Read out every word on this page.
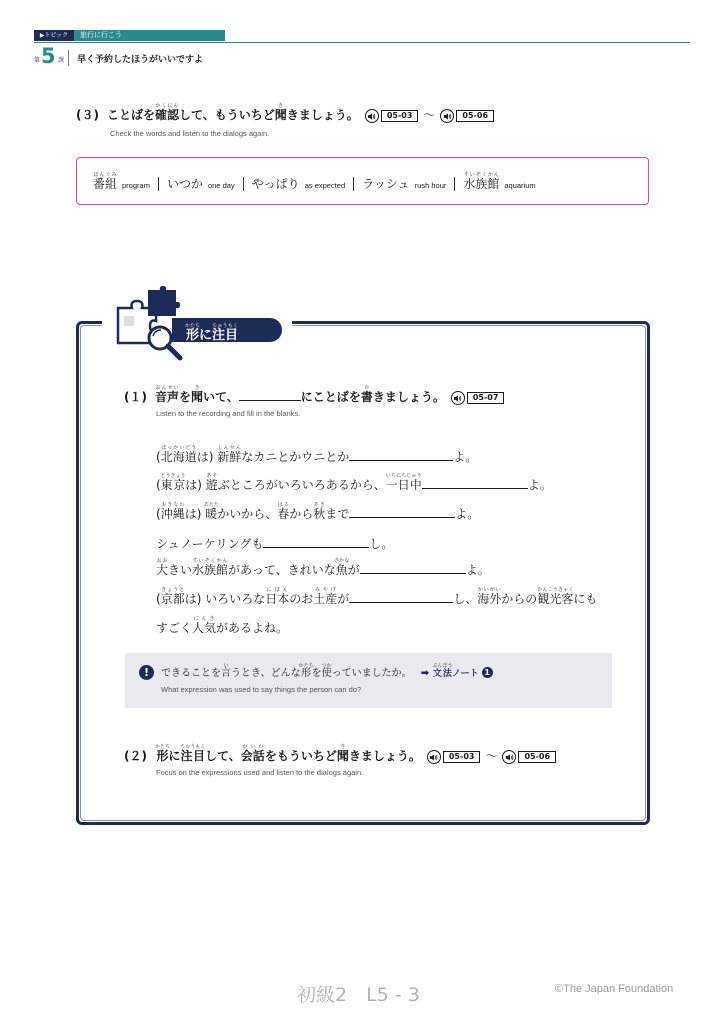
▶トピック	旅行に行こう
第 5 課 早く予約したほうがいいですよ
(３) ことばを確認かくにんして、もういちど聞ききましょう。	05-03 ～	05-06
Check the words and listen to the dialogs again.
番組ばんぐみ
program いつか one day やっぱり as expected ラッシュ rush hour 水族館すいぞくかん
aquarium
形かたちに注目ちゅうもく
(１) 音声おんせいを聞きいて、	にことばを書かきましょう。	05-07
Listen to the recording and fill in the blanks.
(北海道ほっかいどうは) 新鮮しんせんなカニとかウニとか	よ。
(東京とうきょうは) 遊あそぶところがいろいろあるから、一日中いちにちじゅうよ。
(沖縄おきなわは) 暖あたたかいから、春はるから秋あきまで	よ。
シュノーケリングも	し。
大おおきい水族館すいぞくかんがあって、きれいな魚さかなが	よ。
(京都きょうとは) いろいろな日本にほんのお土産みやげが	し、海外かいがいからの観光客かんこうきゃくにも
すごく人気にんきがあるよね。
!	できることを言いうとき、どんな形かたちを使つかっていましたか。 ➡ 文法ぶんぽうノート 1
What expression was used to say things the person can do?
(２) 形かたちに注目ちゅうもくして、会話かいわをもういちど聞ききましょう。	05-03 ～	05-06
Focus on the expressions used and listen to the dialogs again.
初級2　L5 - 3	©The Japan Foundation
